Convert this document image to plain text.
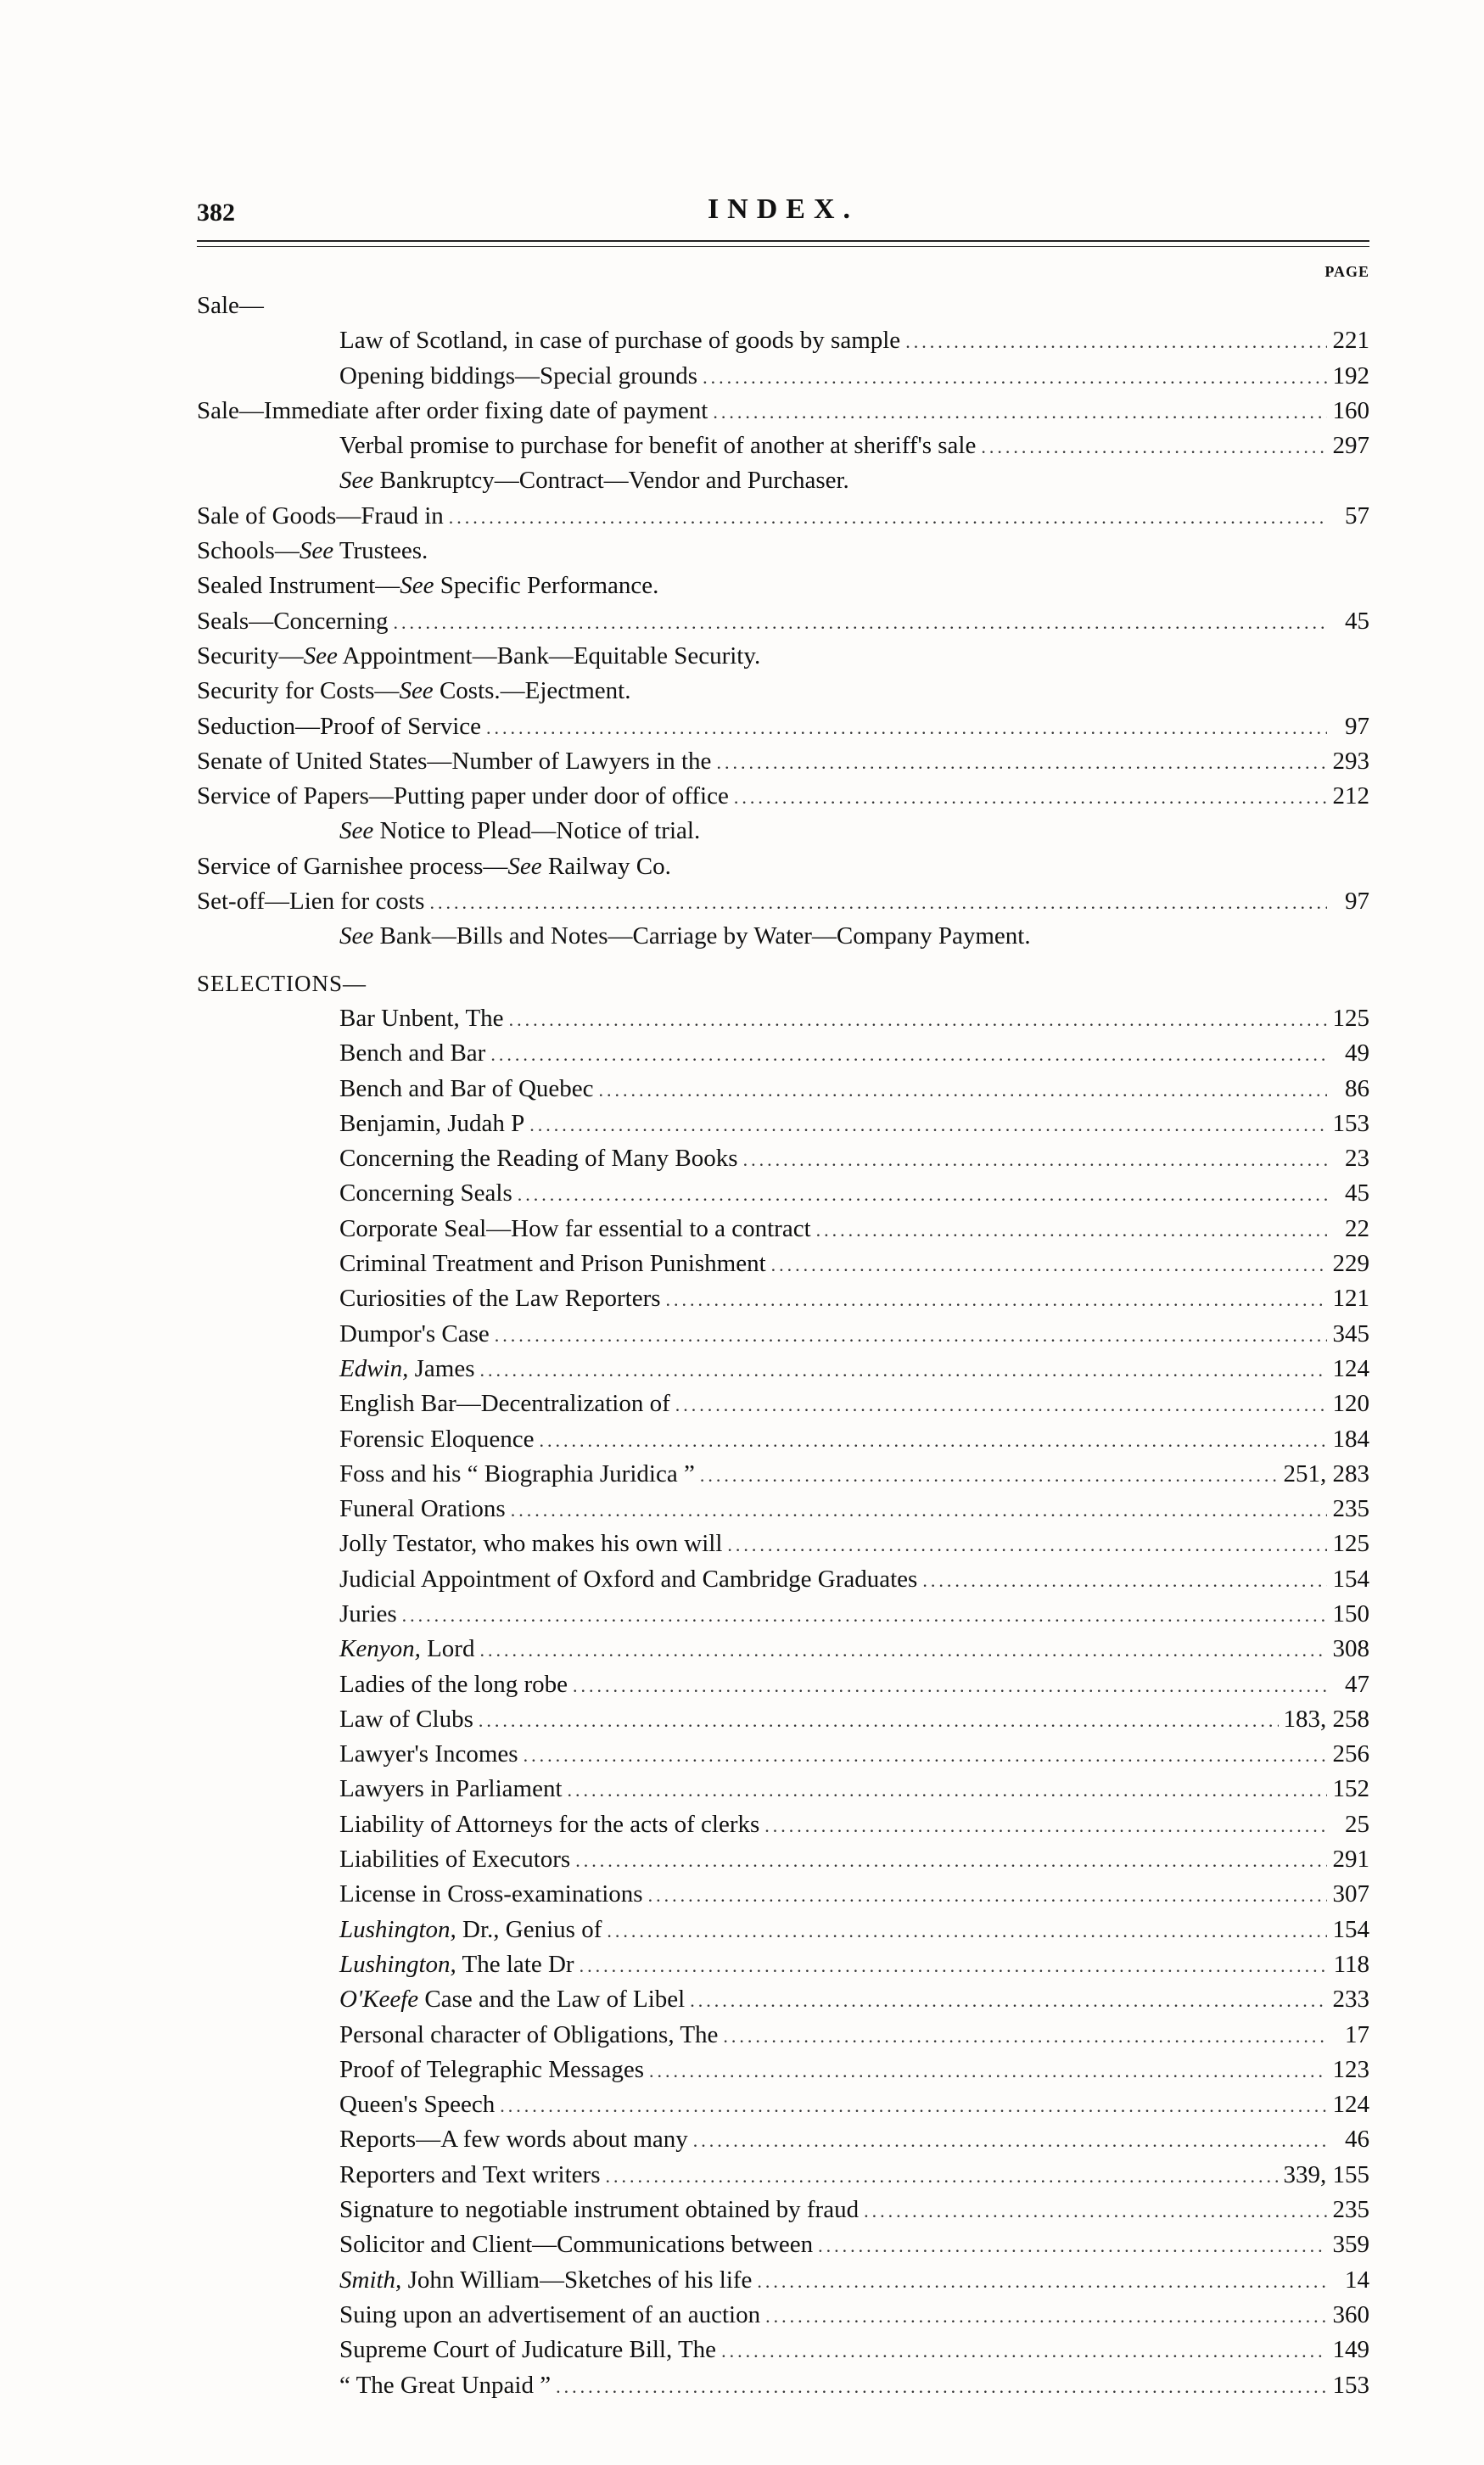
382	INDEX.
PAGE
Sale—
Law of Scotland, in case of purchase of goods by sample .....	221
Opening biddings—Special grounds .....	192
Sale—Immediate after order fixing date of payment .....	160
Verbal promise to purchase for benefit of another at sheriff's sale .....	297
See Bankruptcy—Contract—Vendor and Purchaser.
Sale of Goods—Fraud in .....	57
Schools—See Trustees.
Sealed Instrument—See Specific Performance.
Seals—Concerning .....	45
Security—See Appointment—Bank—Equitable Security.
Security for Costs—See Costs.—Ejectment.
Seduction—Proof of Service .....	97
Senate of United States—Number of Lawyers in the .....	293
Service of Papers—Putting paper under door of office .....	212
See Notice to Plead—Notice of trial.
Service of Garnishee process—See Railway Co.
Set-off—Lien for costs .....	97
See Bank—Bills and Notes—Carriage by Water—Company Payment.
SELECTIONS—
Bar Unbent, The .....	125
Bench and Bar .....	49
Bench and Bar of Quebec .....	86
Benjamin, Judah P .....	153
Concerning the Reading of Many Books .....	23
Concerning Seals .....	45
Corporate Seal—How far essential to a contract .....	22
Criminal Treatment and Prison Punishment .....	229
Curiosities of the Law Reporters .....	121
Dumpor's Case .....	345
Edwin, James .....	124
English Bar—Decentralization of .....	120
Forensic Eloquence .....	184
Foss and his “ Biographia Juridica ” .....	251, 283
Funeral Orations .....	235
Jolly Testator, who makes his own will .....	125
Judicial Appointment of Oxford and Cambridge Graduates .....	154
Juries .....	150
Kenyon, Lord .....	308
Ladies of the long robe .....	47
Law of Clubs .....	183, 258
Lawyer's Incomes .....	256
Lawyers in Parliament .....	152
Liability of Attorneys for the acts of clerks .....	25
Liabilities of Executors .....	291
License in Cross-examinations .....	307
Lushington, Dr., Genius of .....	154
Lushington, The late Dr .....	118
O'Keefe Case and the Law of Libel .....	233
Personal character of Obligations, The .....	17
Proof of Telegraphic Messages .....	123
Queen's Speech .....	124
Reports—A few words about many .....	46
Reporters and Text writers .....	339, 155
Signature to negotiable instrument obtained by fraud .....	235
Solicitor and Client—Communications between .....	359
Smith, John William—Sketches of his life .....	14
Suing upon an advertisement of an auction .....	360
Supreme Court of Judicature Bill, The .....	149
“ The Great Unpaid ” .....	153
